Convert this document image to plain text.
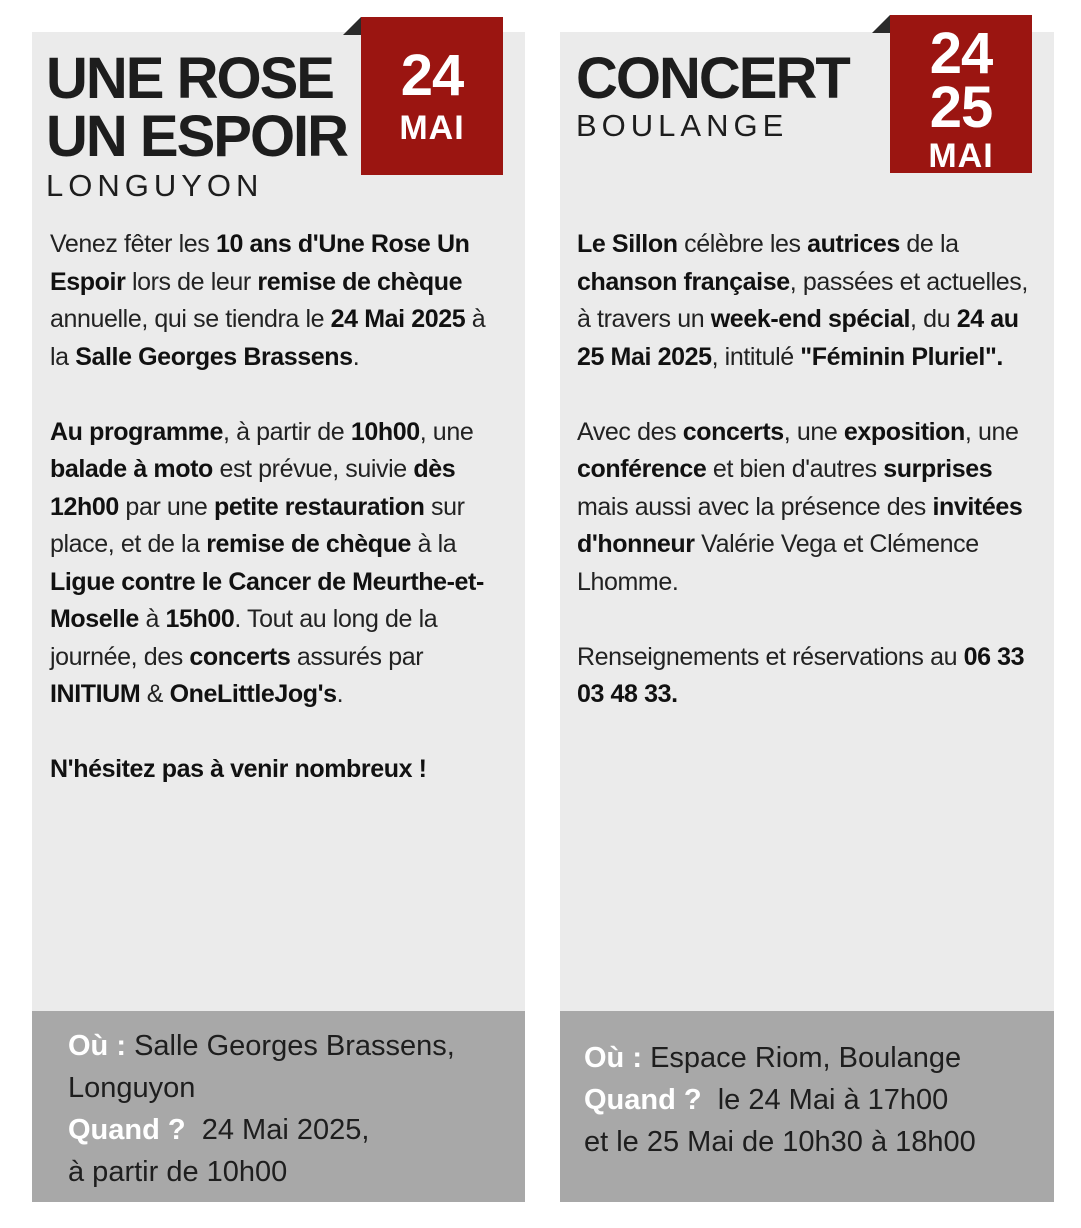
24
MAI
UNE ROSE
UN ESPOIR
LONGUYON

Venez fêter les 10 ans d'Une Rose Un Espoir lors de leur remise de chèque annuelle, qui se tiendra le 24 Mai 2025 à la Salle Georges Brassens.

Au programme, à partir de 10h00, une balade à moto est prévue, suivie dès 12h00 par une petite restauration sur place, et de la remise de chèque à la Ligue contre le Cancer de Meurthe-et-Moselle à 15h00. Tout au long de la journée, des concerts assurés par INITIUM & OneLittleJog's.

N'hésitez pas à venir nombreux !

Où : Salle Georges Brassens,
Longuyon
Quand ? 24 Mai 2025,
à partir de 10h00
24
25
MAI
CONCERT
BOULANGE

Le Sillon célèbre les autrices de la chanson française, passées et actuelles, à travers un week-end spécial, du 24 au 25 Mai 2025, intitulé "Féminin Pluriel".

Avec des concerts, une exposition, une conférence et bien d'autres surprises mais aussi avec la présence des invitées d'honneur Valérie Vega et Clémence Lhomme.

Renseignements et réservations au 06 33 03 48 33.

Où : Espace Riom, Boulange
Quand ? le 24 Mai à 17h00
et le 25 Mai de 10h30 à 18h00
